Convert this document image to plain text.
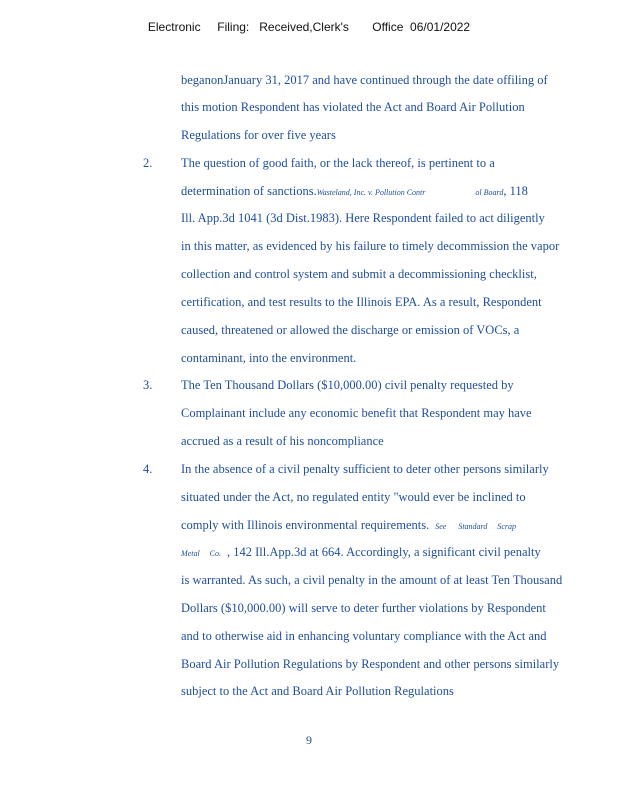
Electronic     Filing:   Received,Clerk's       Office  06/01/2022
beganonJanuary 31, 2017 and have continued through the date offiling of
this motion Respondent has violated the Act and Board Air Pollution
Regulations for over five years
2. The question of good faith, or the lack thereof, is pertinent to a
determination of sanctions.Wasteland, Inc. v. Pollution Contr	ol Board, 118
Ill. App.3d 1041 (3d Dist.1983). Here Respondent failed to act diligently
in this matter, as evidenced by his failure to timely decommission the vapor
collection and control system and submit a decommissioning checklist,
certification, and test results to the Illinois EPA. As a result, Respondent
caused, threatened or allowed the discharge or emission of VOCs, a
contaminant, into the environment.
3. The Ten Thousand Dollars ($10,000.00) civil penalty requested by
Complainant include any economic benefit that Respondent may have
accrued as a result of his noncompliance
4. In the absence of a civil penalty sufficient to deter other persons similarly
situated under the Act, no regulated entity "would ever be inclined to
comply with Illinois environmental requirements. See Standard     Scrap
Metal     Co. , 142 Ill.App.3d at 664. Accordingly, a significant civil penalty
is warranted. As such, a civil penalty in the amount of at least Ten Thousand
Dollars ($10,000.00) will serve to deter further violations by Respondent
and to otherwise aid in enhancing voluntary compliance with the Act and
Board Air Pollution Regulations by Respondent and other persons similarly
subject to the Act and Board Air Pollution Regulations
9
